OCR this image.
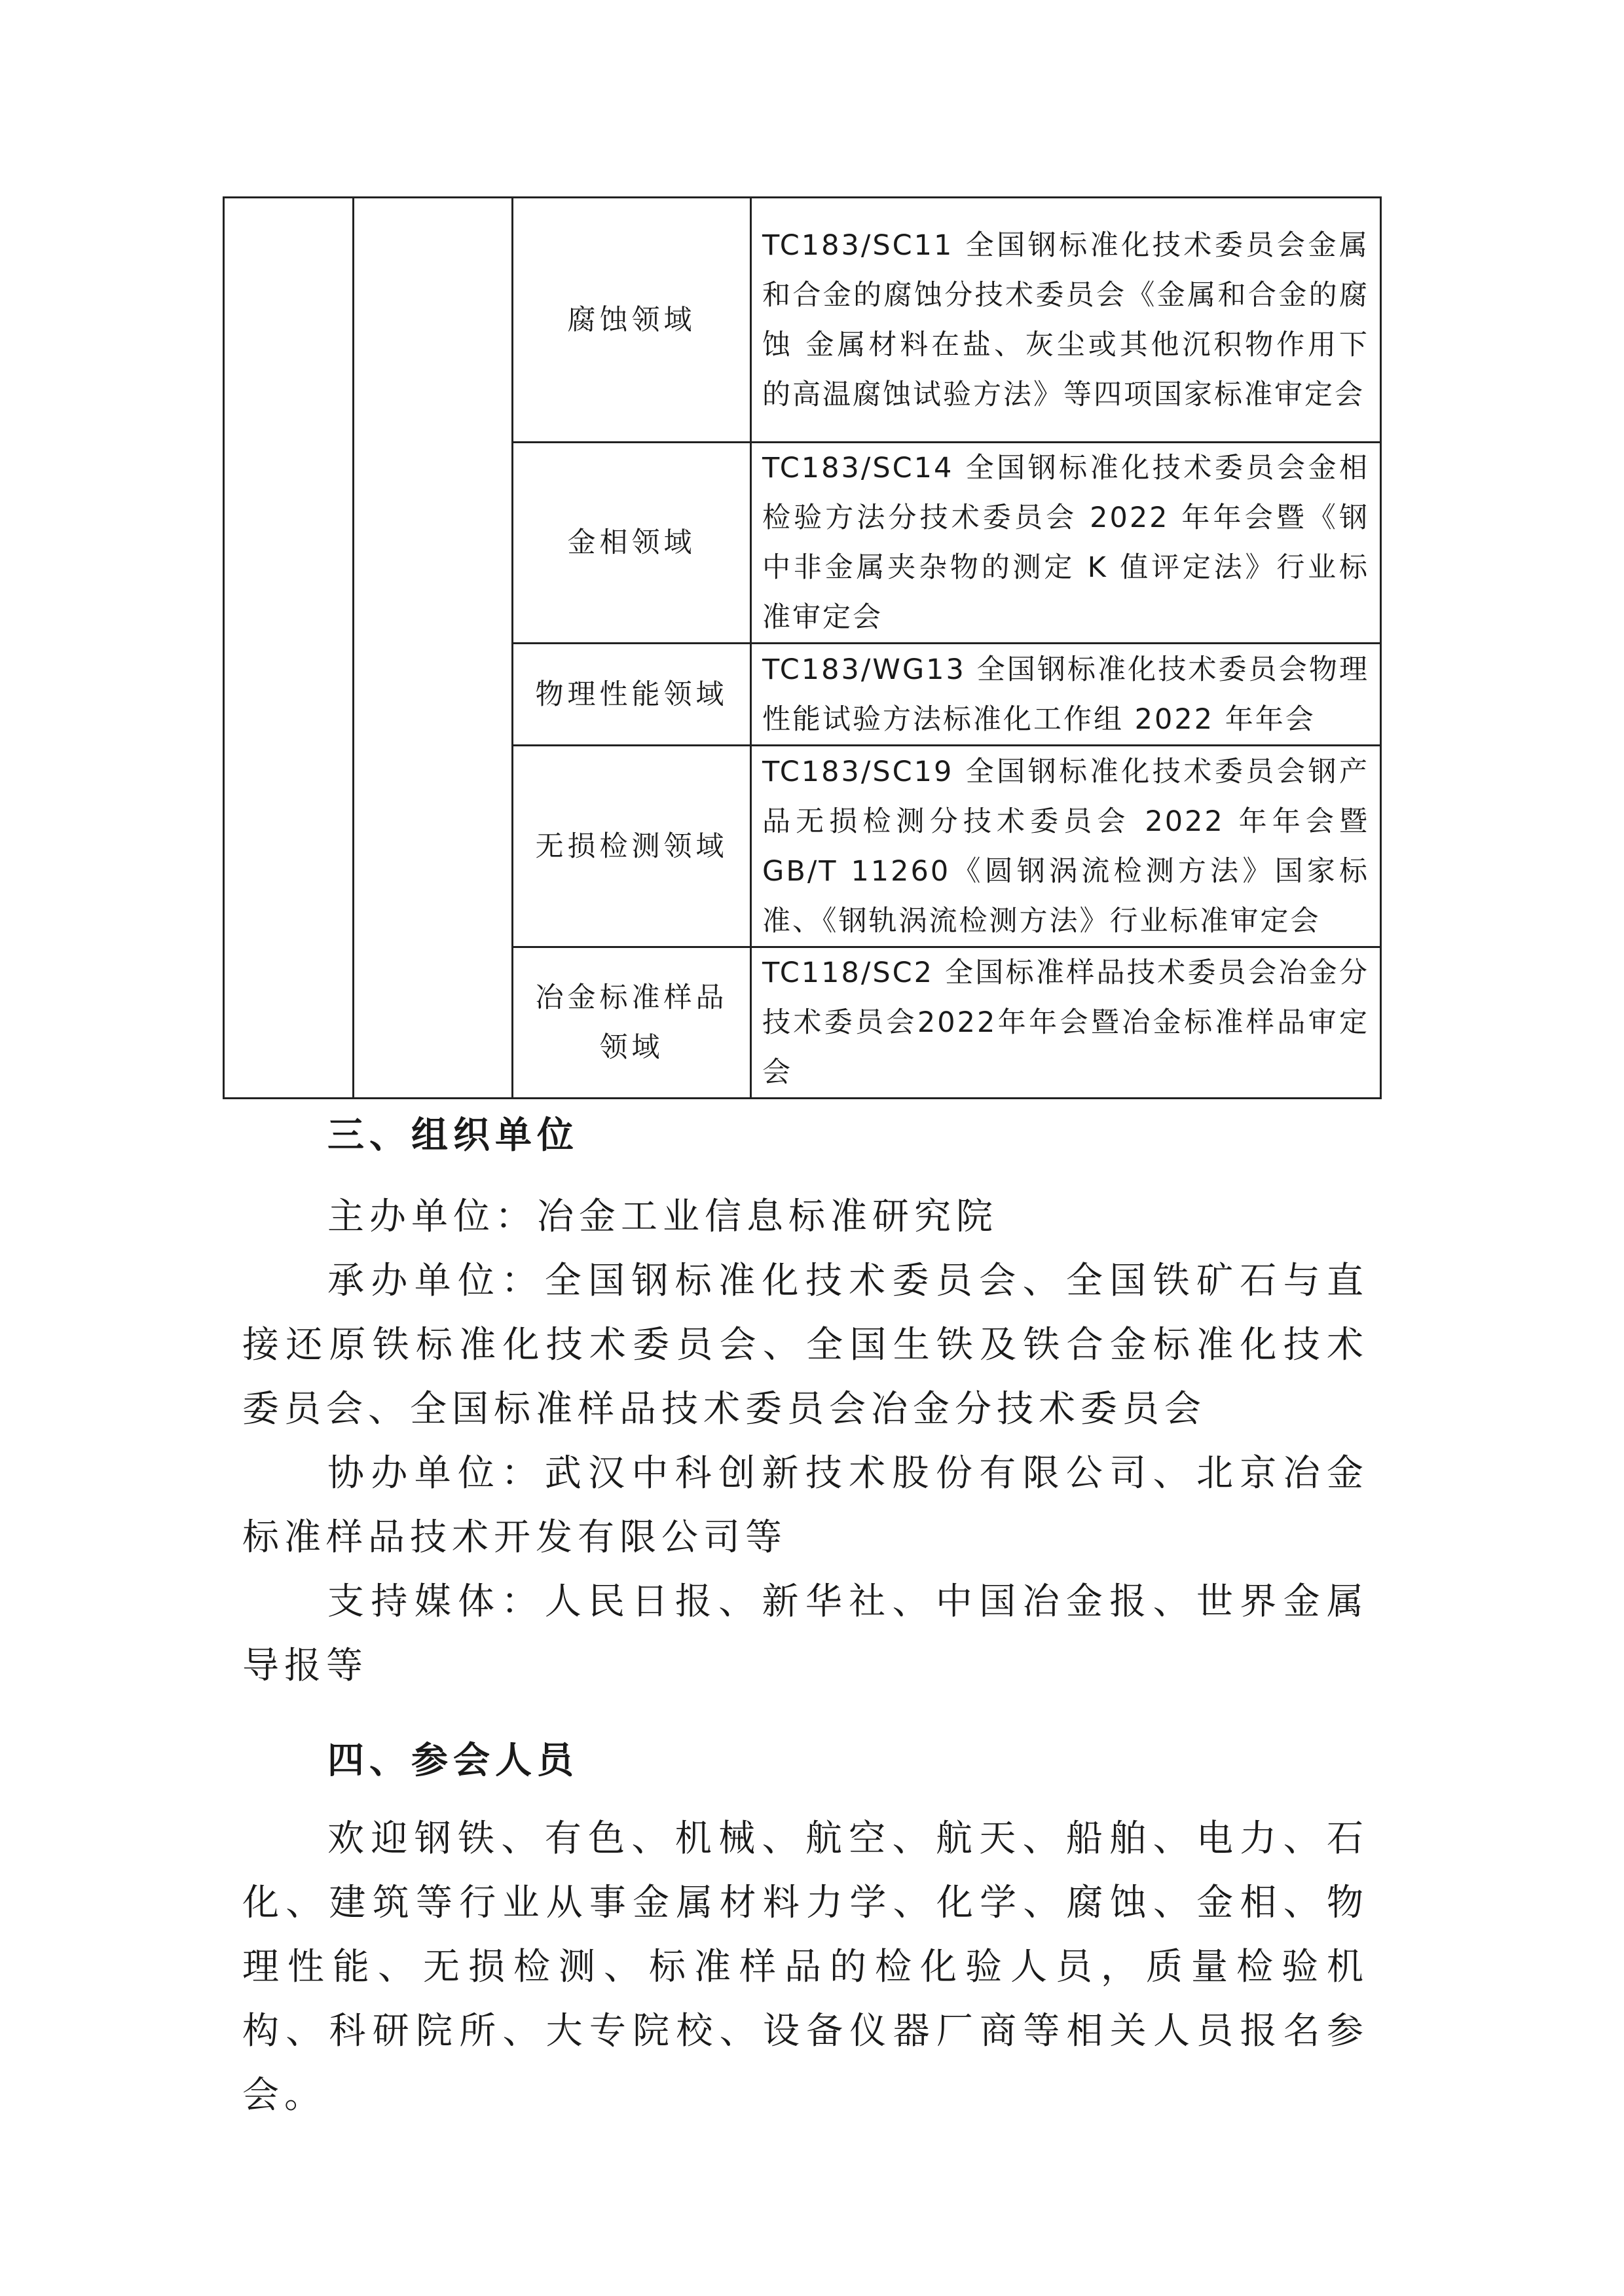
		腐蚀领域	TC183/SC11 全国钢标准化技术委员会金属和合金的腐蚀分技术委员会《金属和合金的腐蚀 金属材料在盐、灰尘或其他沉积物作用下的高温腐蚀试验方法》等四项国家标准审定会
		金相领域	TC183/SC14 全国钢标准化技术委员会金相检验方法分技术委员会 2022 年年会暨《钢中非金属夹杂物的测定 K 值评定法》行业标准审定会
		物理性能领域	TC183/WG13 全国钢标准化技术委员会物理性能试验方法标准化工作组 2022 年年会
		无损检测领域	TC183/SC19 全国钢标准化技术委员会钢产品无损检测分技术委员会 2022 年年会暨 GB/T 11260《圆钢涡流检测方法》国家标准、《钢轨涡流检测方法》行业标准审定会
		冶金标准样品领域	TC118/SC2 全国标准样品技术委员会冶金分技术委员会2022年年会暨冶金标准样品审定会
三、组织单位

主办单位：冶金工业信息标准研究院

承办单位：全国钢标准化技术委员会、全国铁矿石与直接还原铁标准化技术委员会、全国生铁及铁合金标准化技术委员会、全国标准样品技术委员会冶金分技术委员会

协办单位：武汉中科创新技术股份有限公司、北京冶金标准样品技术开发有限公司等

支持媒体：人民日报、新华社、中国冶金报、世界金属导报等

四、参会人员

欢迎钢铁、有色、机械、航空、航天、船舶、电力、石化、建筑等行业从事金属材料力学、化学、腐蚀、金相、物理性能、无损检测、标准样品的检化验人员，质量检验机构、科研院所、大专院校、设备仪器厂商等相关人员报名参会。
